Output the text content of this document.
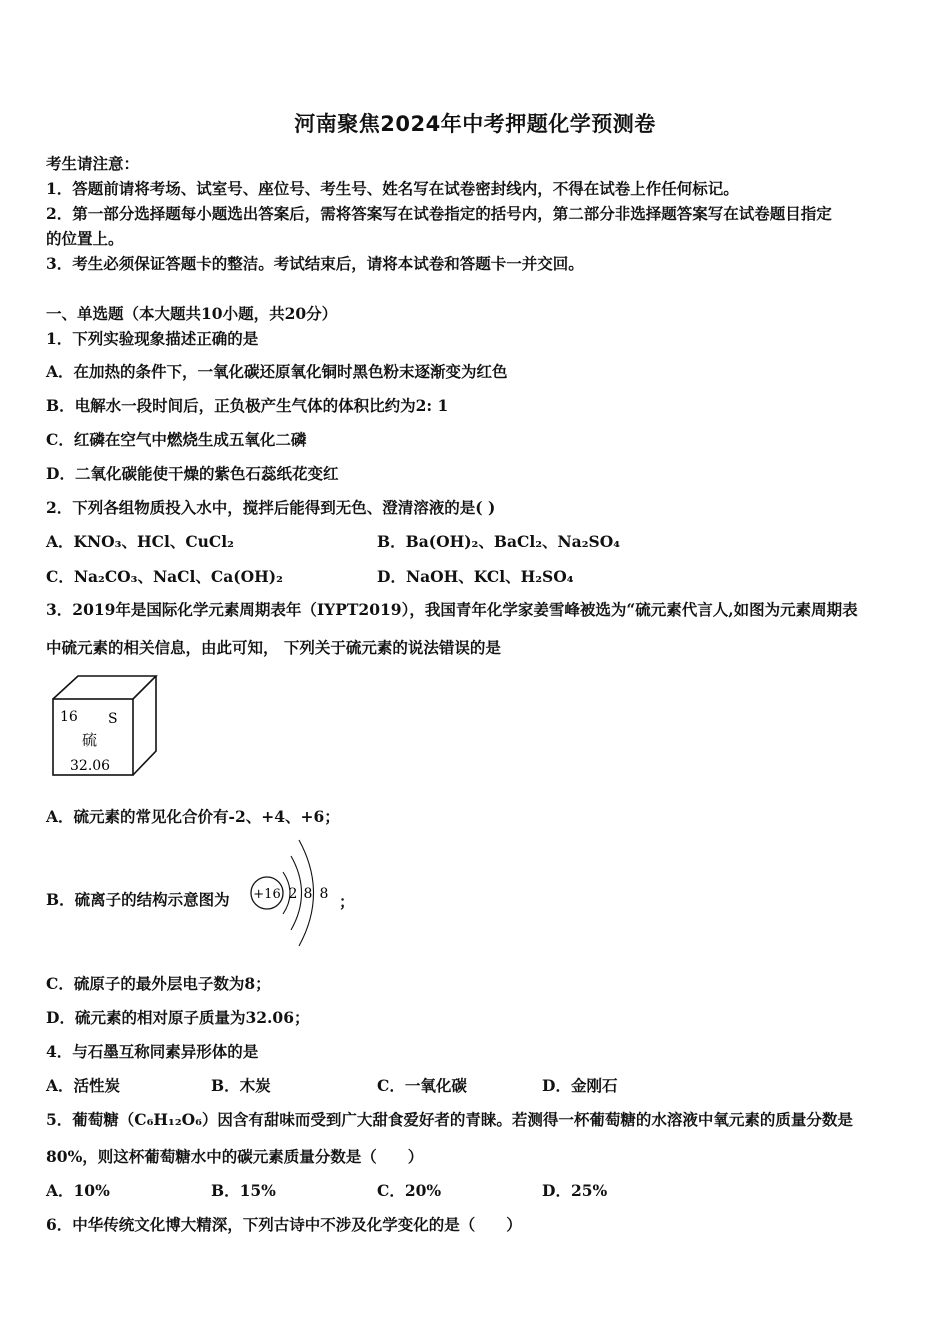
河南聚焦2024年中考押题化学预测卷
考生请注意：
1．答题前请将考场、试室号、座位号、考生号、姓名写在试卷密封线内，不得在试卷上作任何标记。
2．第一部分选择题每小题选出答案后，需将答案写在试卷指定的括号内，第二部分非选择题答案写在试卷题目指定
的位置上。
3．考生必须保证答题卡的整洁。考试结束后，请将本试卷和答题卡一并交回。
一、单选题（本大题共10小题，共20分）
1．下列实验现象描述正确的是
A．在加热的条件下，一氧化碳还原氧化铜时黑色粉末逐渐变为红色
B．电解水一段时间后，正负极产生气体的体积比约为2: 1
C．红磷在空气中燃烧生成五氧化二磷
D．二氧化碳能使干燥的紫色石蕊纸花变红
2．下列各组物质投入水中，搅拌后能得到无色、澄清溶液的是( )
A．KNO₃、HCl、CuCl₂	B．Ba(OH)₂、BaCl₂、Na₂SO₄
C．Na₂CO₃、NaCl、Ca(OH)₂	D．NaOH、KCl、H₂SO₄
3．2019年是国际化学元素周期表年（IYPT2019），我国青年化学家姜雪峰被选为“硫元素代言人,如图为元素周期表
中硫元素的相关信息，由此可知， 下列关于硫元素的说法错误的是
16 S
硫
32.06
A．硫元素的常见化合价有-2、+4、+6；
B．硫离子的结构示意图为 +16 2 8 8 ；
C．硫原子的最外层电子数为8；
D．硫元素的相对原子质量为32.06；
4．与石墨互称同素异形体的是
A．活性炭	B．木炭	C．一氧化碳	D．金刚石
5．葡萄糖（C₆H₁₂O₆）因含有甜味而受到广大甜食爱好者的青睐。若测得一杯葡萄糖的水溶液中氧元素的质量分数是
80%，则这杯葡萄糖水中的碳元素质量分数是（　　）
A．10%	B．15%	C．20%	D．25%
6．中华传统文化博大精深，下列古诗中不涉及化学变化的是（　　）
